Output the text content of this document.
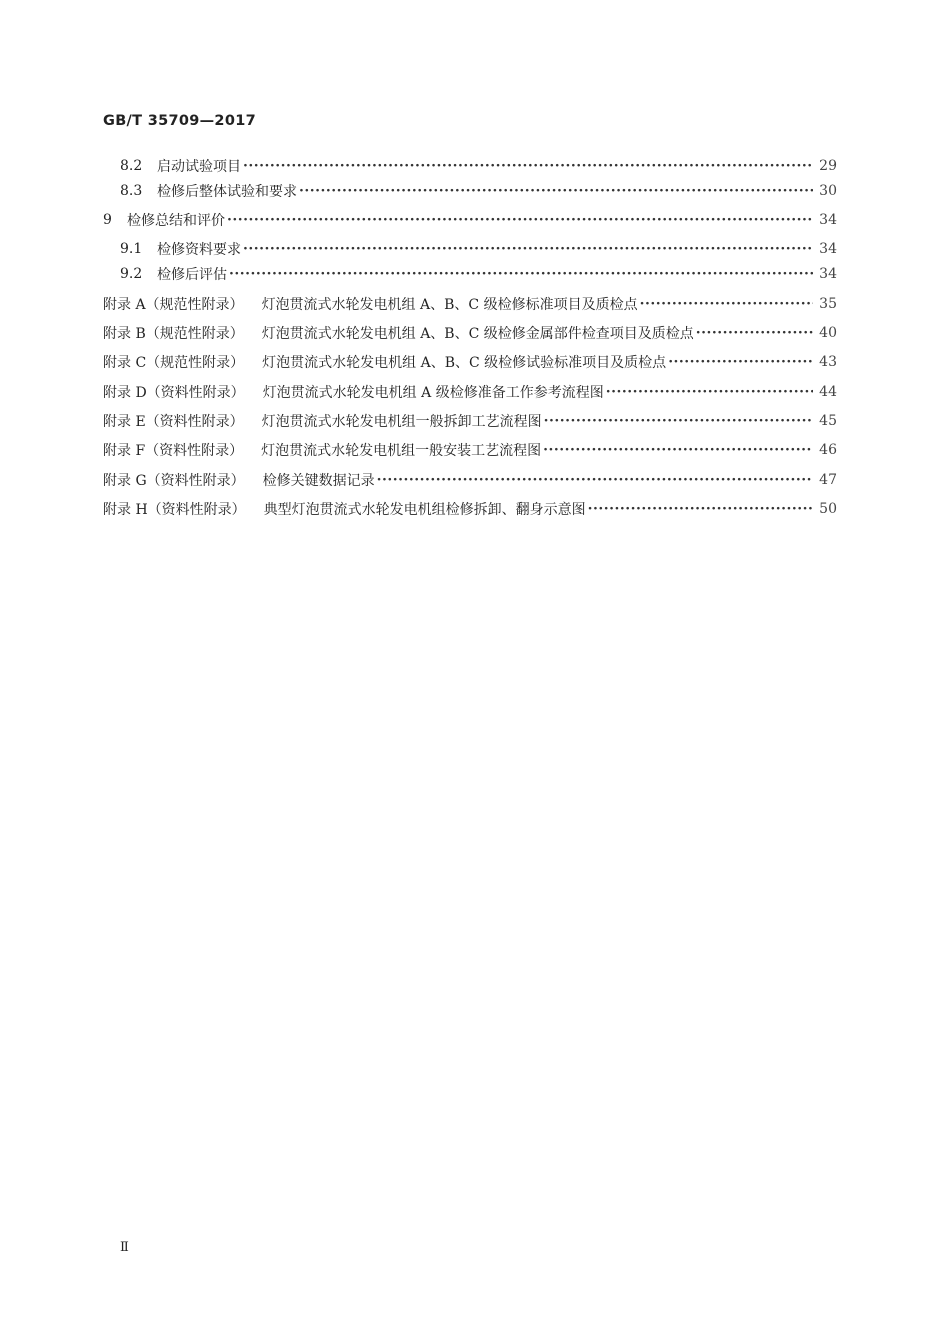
GB/T 35709—2017
8.2	启动试验项目 ·····	29
8.3	检修后整体试验和要求 ·····	30
9	检修总结和评价 ·····	34
9.1	检修资料要求 ·····	34
9.2	检修后评估 ·····	34
附录 A（规范性附录） 灯泡贯流式水轮发电机组 A、B、C 级检修标准项目及质检点 ·····	35
附录 B（规范性附录） 灯泡贯流式水轮发电机组 A、B、C 级检修金属部件检查项目及质检点 ·····	40
附录 C（规范性附录） 灯泡贯流式水轮发电机组 A、B、C 级检修试验标准项目及质检点 ·····	43
附录 D（资料性附录） 灯泡贯流式水轮发电机组 A 级检修准备工作参考流程图 ·····	44
附录 E（资料性附录） 灯泡贯流式水轮发电机组一般拆卸工艺流程图 ·····	45
附录 F（资料性附录） 灯泡贯流式水轮发电机组一般安装工艺流程图 ·····	46
附录 G（资料性附录） 检修关键数据记录 ·····	47
附录 H（资料性附录） 典型灯泡贯流式水轮发电机组检修拆卸、翻身示意图 ·····	50
Ⅱ
